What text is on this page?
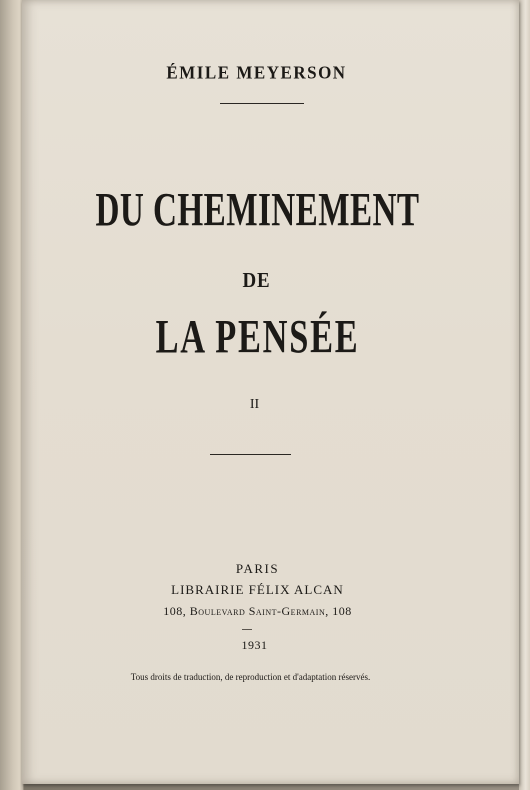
ÉMILE MEYERSON
DU CHEMINEMENT
DE
LA PENSÉE
II
PARIS
LIBRAIRIE FÉLIX ALCAN
108, Boulevard Saint-Germain, 108
1931
Tous droits de traduction, de reproduction et d'adaptation réservés.
